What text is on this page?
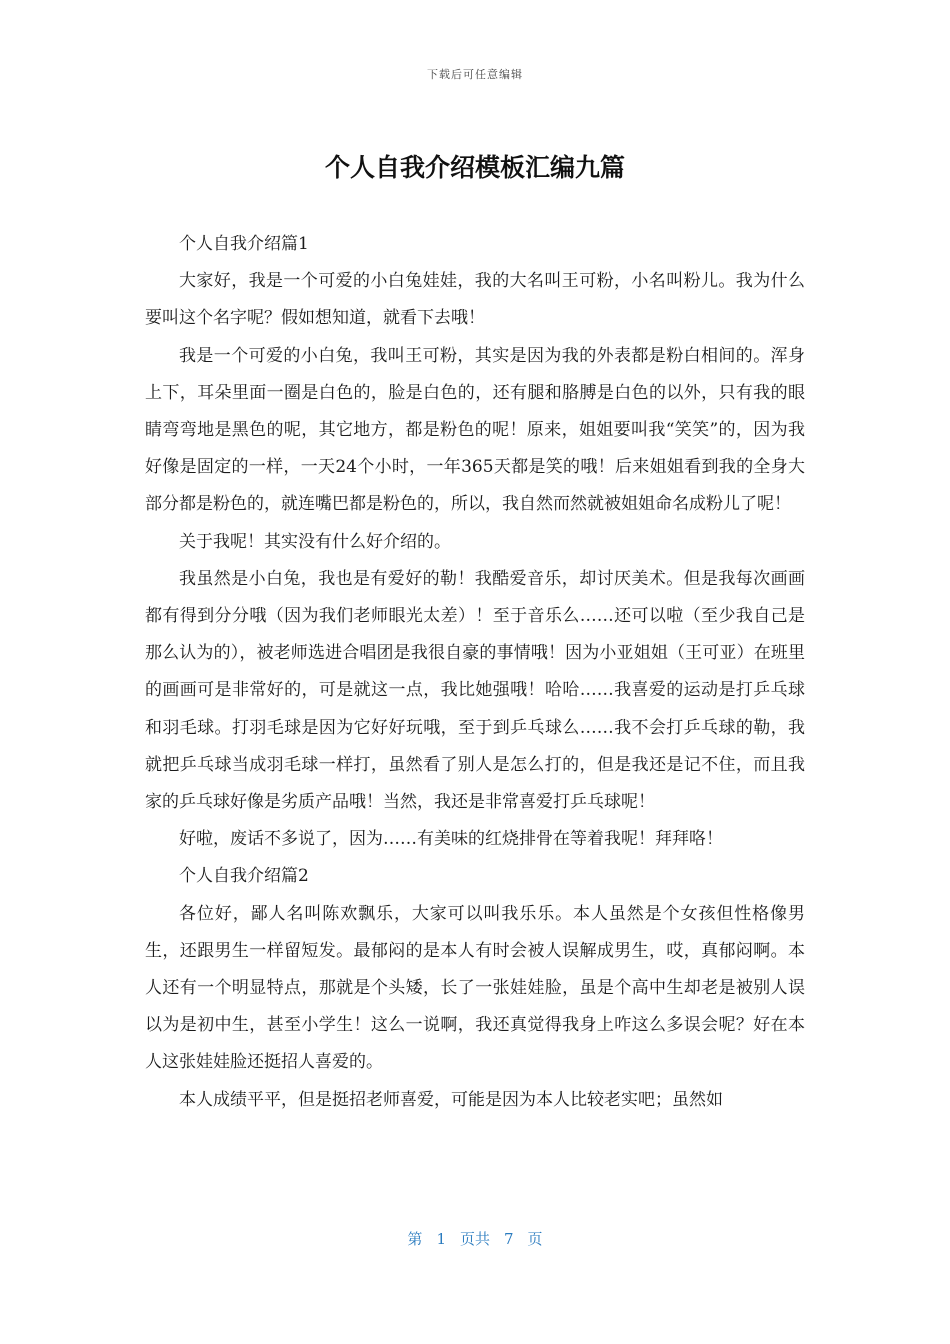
下载后可任意编辑
个人自我介绍模板汇编九篇

个人自我介绍篇1

大家好，我是一个可爱的小白兔娃娃，我的大名叫王可粉，小名叫粉儿。我为什么要叫这个名字呢？假如想知道，就看下去哦！

我是一个可爱的小白兔，我叫王可粉，其实是因为我的外表都是粉白相间的。浑身上下，耳朵里面一圈是白色的，脸是白色的，还有腿和胳膊是白色的以外，只有我的眼睛弯弯地是黑色的呢，其它地方，都是粉色的呢！原来，姐姐要叫我“笑笑”的，因为我好像是固定的一样，一天24个小时，一年365天都是笑的哦！后来姐姐看到我的全身大部分都是粉色的，就连嘴巴都是粉色的，所以，我自然而然就被姐姐命名成粉儿了呢！

关于我呢！其实没有什么好介绍的。

我虽然是小白兔，我也是有爱好的勒！我酷爱音乐，却讨厌美术。但是我每次画画都有得到分分哦（因为我们老师眼光太差）！至于音乐么……还可以啦（至少我自己是那么认为的），被老师选进合唱团是我很自豪的事情哦！因为小亚姐姐（王可亚）在班里的画画可是非常好的，可是就这一点，我比她强哦！哈哈……我喜爱的运动是打乒乓球和羽毛球。打羽毛球是因为它好好玩哦，至于到乒乓球么……我不会打乒乓球的勒，我就把乒乓球当成羽毛球一样打，虽然看了别人是怎么打的，但是我还是记不住，而且我家的乒乓球好像是劣质产品哦！当然，我还是非常喜爱打乒乓球呢！

好啦，废话不多说了，因为……有美味的红烧排骨在等着我呢！拜拜咯！

个人自我介绍篇2

各位好，鄙人名叫陈欢飘乐，大家可以叫我乐乐。本人虽然是个女孩但性格像男生，还跟男生一样留短发。最郁闷的是本人有时会被人误解成男生，哎，真郁闷啊。本人还有一个明显特点，那就是个头矮，长了一张娃娃脸，虽是个高中生却老是被别人误以为是初中生，甚至小学生！这么一说啊，我还真觉得我身上咋这么多误会呢？好在本人这张娃娃脸还挺招人喜爱的。

本人成绩平平，但是挺招老师喜爱，可能是因为本人比较老实吧；虽然如

第 1 页共 7 页
